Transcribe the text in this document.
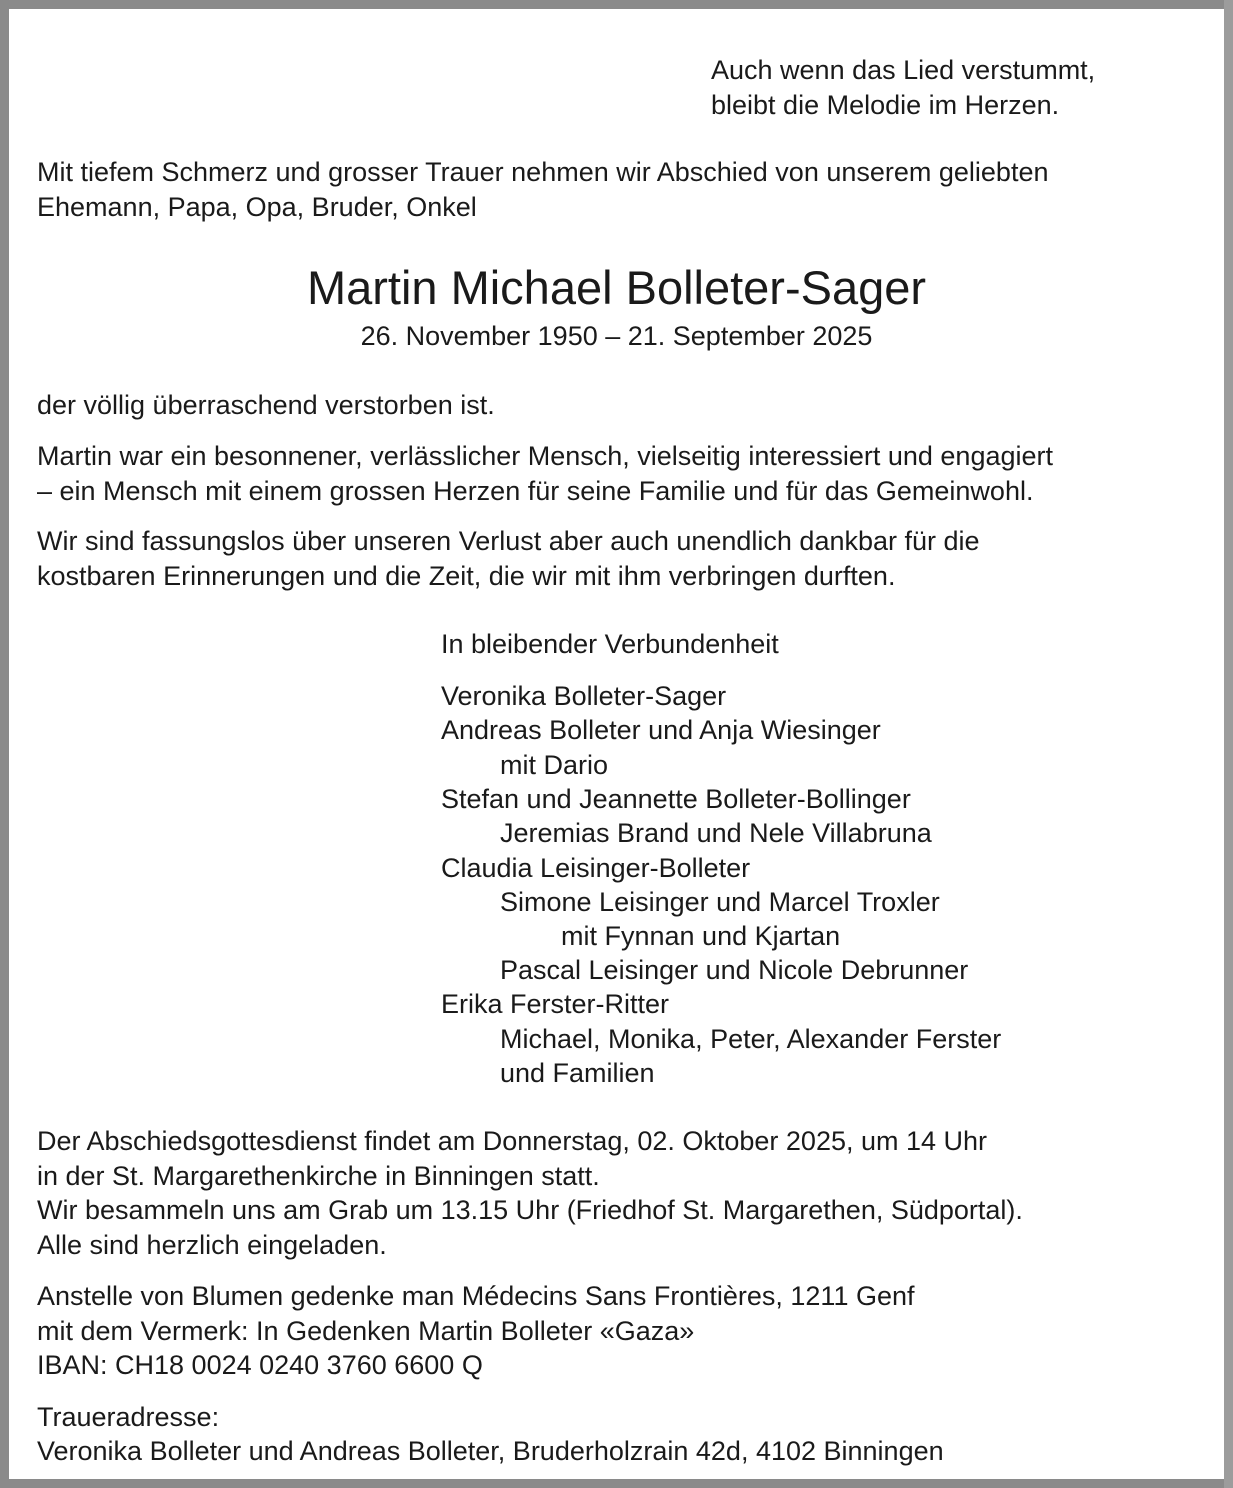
Auch wenn das Lied verstummt,
bleibt die Melodie im Herzen.
Mit tiefem Schmerz und grosser Trauer nehmen wir Abschied von unserem geliebten
Ehemann, Papa, Opa, Bruder, Onkel
Martin Michael Bolleter-Sager
26. November 1950 – 21. September 2025
der völlig überraschend verstorben ist.
Martin war ein besonnener, verlässlicher Mensch, vielseitig interessiert und engagiert
– ein Mensch mit einem grossen Herzen für seine Familie und für das Gemeinwohl.
Wir sind fassungslos über unseren Verlust aber auch unendlich dankbar für die
kostbaren Erinnerungen und die Zeit, die wir mit ihm verbringen durften.
In bleibender Verbundenheit
Veronika Bolleter-Sager
Andreas Bolleter und Anja Wiesinger
mit Dario
Stefan und Jeannette Bolleter-Bollinger
Jeremias Brand und Nele Villabruna
Claudia Leisinger-Bolleter
Simone Leisinger und Marcel Troxler
mit Fynnan und Kjartan
Pascal Leisinger und Nicole Debrunner
Erika Ferster-Ritter
Michael, Monika, Peter, Alexander Ferster
und Familien
Der Abschiedsgottesdienst findet am Donnerstag, 02. Oktober 2025, um 14 Uhr
in der St. Margarethenkirche in Binningen statt.
Wir besammeln uns am Grab um 13.15 Uhr (Friedhof St. Margarethen, Südportal).
Alle sind herzlich eingeladen.
Anstelle von Blumen gedenke man Médecins Sans Frontières, 1211 Genf
mit dem Vermerk: In Gedenken Martin Bolleter «Gaza»
IBAN: CH18 0024 0240 3760 6600 Q
Traueradresse:
Veronika Bolleter und Andreas Bolleter, Bruderholzrain 42d, 4102 Binningen
